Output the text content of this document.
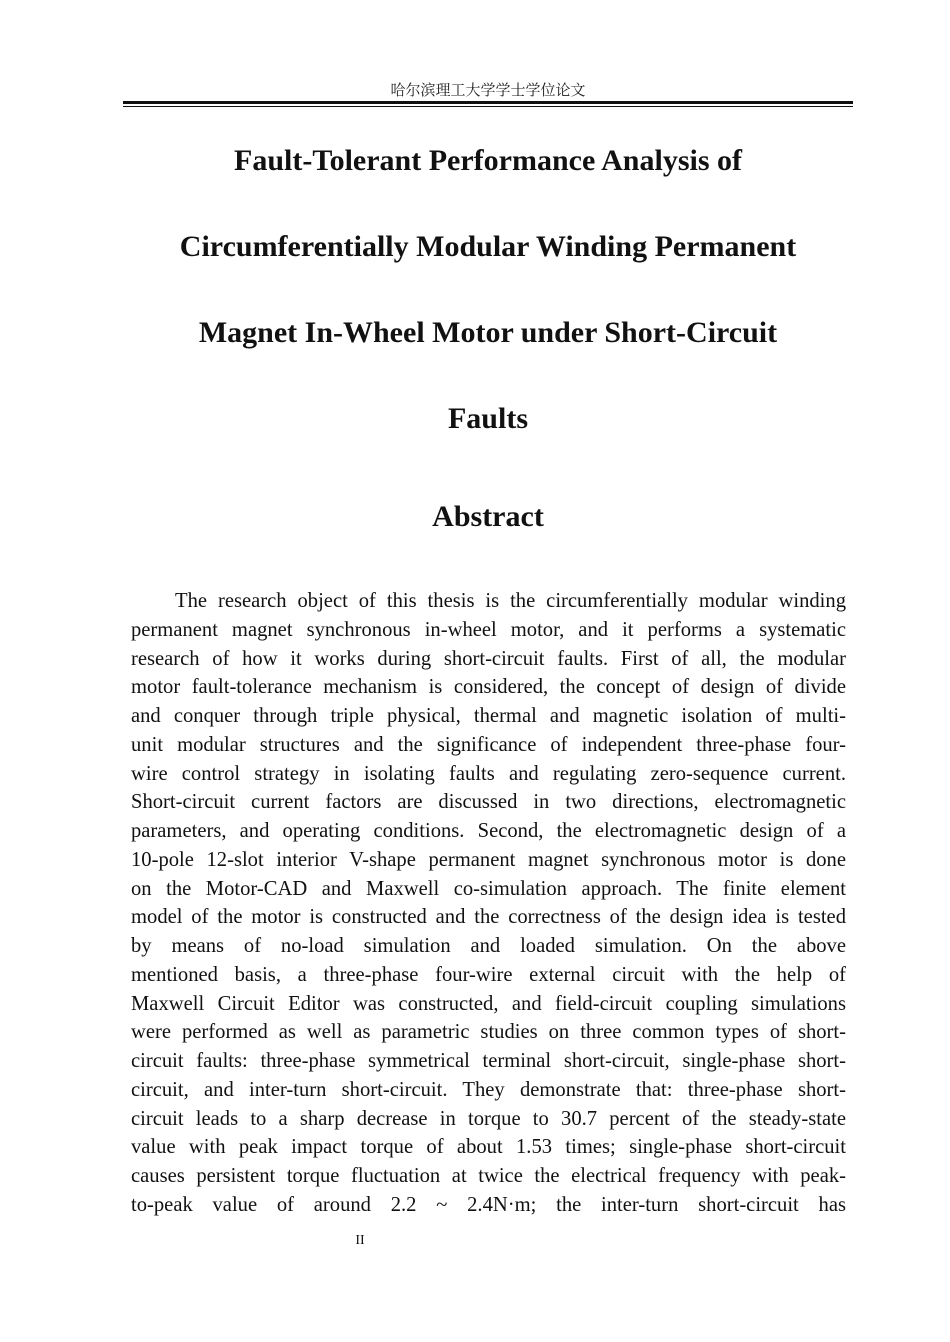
哈尔滨理工大学学士学位论文
Fault-Tolerant Performance Analysis of
Circumferentially Modular Winding Permanent
Magnet In-Wheel Motor under Short-Circuit
Faults
Abstract
The research object of this thesis is the circumferentially modular winding
permanent magnet synchronous in-wheel motor, and it performs a systematic
research of how it works during short-circuit faults. First of all, the modular
motor fault-tolerance mechanism is considered, the concept of design of divide
and conquer through triple physical, thermal and magnetic isolation of multi-
unit modular structures and the significance of independent three-phase four-
wire control strategy in isolating faults and regulating zero-sequence current.
Short-circuit current factors are discussed in two directions, electromagnetic
parameters, and operating conditions. Second, the electromagnetic design of a
10-pole 12-slot interior V-shape permanent magnet synchronous motor is done
on the Motor-CAD and Maxwell co-simulation approach. The finite element
model of the motor is constructed and the correctness of the design idea is tested
by means of no-load simulation and loaded simulation. On the above
mentioned basis, a three-phase four-wire external circuit with the help of
Maxwell Circuit Editor was constructed, and field-circuit coupling simulations
were performed as well as parametric studies on three common types of short-
circuit faults: three-phase symmetrical terminal short-circuit, single-phase short-
circuit, and inter-turn short-circuit. They demonstrate that: three-phase short-
circuit leads to a sharp decrease in torque to 30.7 percent of the steady-state
value with peak impact torque of about 1.53 times; single-phase short-circuit
causes persistent torque fluctuation at twice the electrical frequency with peak-
to-peak value of around 2.2 ~ 2.4N·m; the inter-turn short-circuit has
II
